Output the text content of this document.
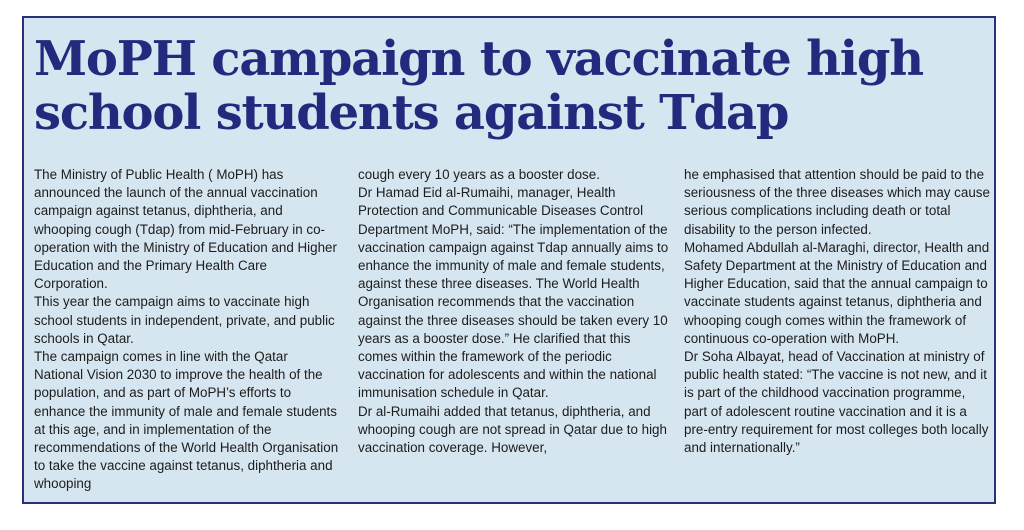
MoPH campaign to vaccinate high school students against Tdap

The Ministry of Public Health ( MoPH) has announced the launch of the annual vaccination campaign against tetanus, diphtheria, and whooping cough (Tdap) from mid-February in co-operation with the Ministry of Education and Higher Education and the Primary Health Care Corporation.

This year the campaign aims to vaccinate high school students in independent, private, and public schools in Qatar.

The campaign comes in line with the Qatar National Vision 2030 to improve the health of the population, and as part of MoPH’s efforts to enhance the immunity of male and female students at this age, and in implementation of the recommendations of the World Health Organisation to take the vaccine against tetanus, diphtheria and whooping

cough every 10 years as a booster dose.

Dr Hamad Eid al-Rumaihi, manager, Health Protection and Communicable Diseases Control Department MoPH, said: “The implementation of the vaccination campaign against Tdap annually aims to enhance the immunity of male and female students, against these three diseases. The World Health Organisation recommends that the vaccination against the three diseases should be taken every 10 years as a booster dose.” He clarified that this comes within the framework of the periodic vaccination for adolescents and within the national immunisation schedule in Qatar.

Dr al-Rumaihi added that tetanus, diphtheria, and whooping cough are not spread in Qatar due to high vaccination coverage. However,

he emphasised that attention should be paid to the seriousness of the three diseases which may cause serious complications including death or total disability to the person infected.

Mohamed Abdullah al-Maraghi, director, Health and Safety Department at the Ministry of Education and Higher Education, said that the annual campaign to vaccinate students against tetanus, diphtheria and whooping cough comes within the framework of continuous co-operation with MoPH.

Dr Soha Albayat, head of Vaccination at ministry of public health stated: “The vaccine is not new, and it is part of the childhood vaccination programme, part of adolescent routine vaccination and it is a pre-entry requirement for most colleges both locally and internationally.”
